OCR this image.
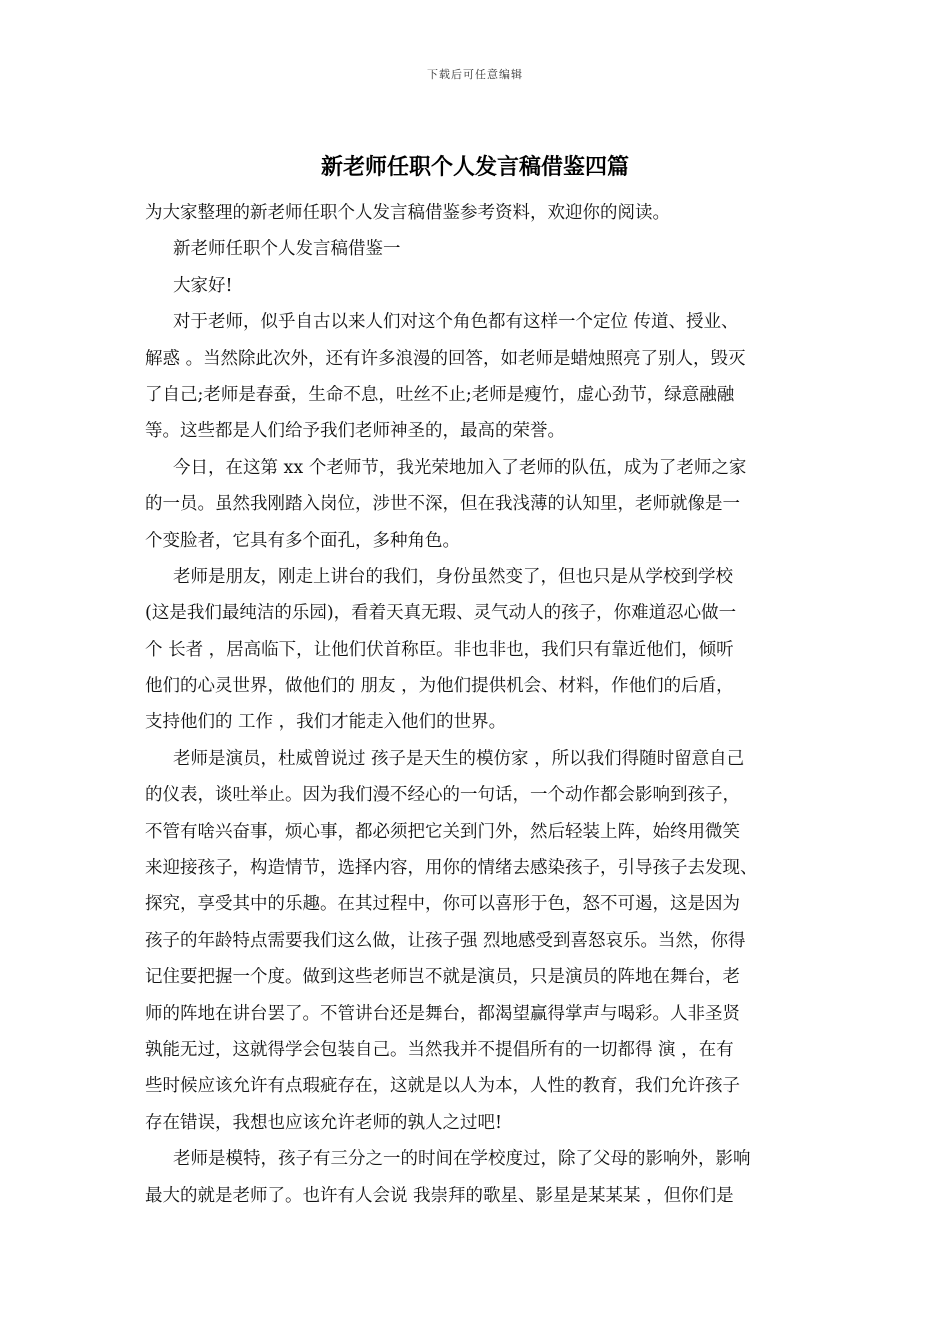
下载后可任意编辑
新老师任职个人发言稿借鉴四篇
为大家整理的新老师任职个人发言稿借鉴参考资料，欢迎你的阅读。
新老师任职个人发言稿借鉴一
大家好!
对于老师，似乎自古以来人们对这个角色都有这样一个定位 传道、授业、
解惑 。当然除此次外，还有许多浪漫的回答，如老师是蜡烛照亮了别人，毁灭
了自己;老师是春蚕，生命不息，吐丝不止;老师是瘦竹，虚心劲节，绿意融融
等。这些都是人们给予我们老师神圣的，最高的荣誉。
今日，在这第 xx 个老师节，我光荣地加入了老师的队伍，成为了老师之家
的一员。虽然我刚踏入岗位，涉世不深，但在我浅薄的认知里，老师就像是一
个变脸者，它具有多个面孔，多种角色。
老师是朋友，刚走上讲台的我们，身份虽然变了，但也只是从学校到学校
(这是我们最纯洁的乐园)，看着天真无瑕、灵气动人的孩子，你难道忍心做一
个 长者 ，居高临下，让他们伏首称臣。非也非也，我们只有靠近他们，倾听
他们的心灵世界，做他们的 朋友 ，为他们提供机会、材料，作他们的后盾，
支持他们的 工作 ，我们才能走入他们的世界。
老师是演员，杜威曾说过 孩子是天生的模仿家 ，所以我们得随时留意自己
的仪表，谈吐举止。因为我们漫不经心的一句话，一个动作都会影响到孩子，
不管有啥兴奋事，烦心事，都必须把它关到门外，然后轻装上阵，始终用微笑
来迎接孩子，构造情节，选择内容，用你的情绪去感染孩子，引导孩子去发现、
探究，享受其中的乐趣。在其过程中，你可以喜形于色，怒不可遏，这是因为
孩子的年龄特点需要我们这么做，让孩子强 烈地感受到喜怒哀乐。当然，你得
记住要把握一个度。做到这些老师岂不就是演员，只是演员的阵地在舞台，老
师的阵地在讲台罢了。不管讲台还是舞台，都渴望赢得掌声与喝彩。人非圣贤
孰能无过，这就得学会包装自己。当然我并不提倡所有的一切都得 演 ，在有
些时候应该允许有点瑕疵存在，这就是以人为本，人性的教育，我们允许孩子
存在错误，我想也应该允许老师的孰人之过吧!
老师是模特，孩子有三分之一的时间在学校度过，除了父母的影响外，影响
最大的就是老师了。也许有人会说 我崇拜的歌星、影星是某某某 ，但你们是
